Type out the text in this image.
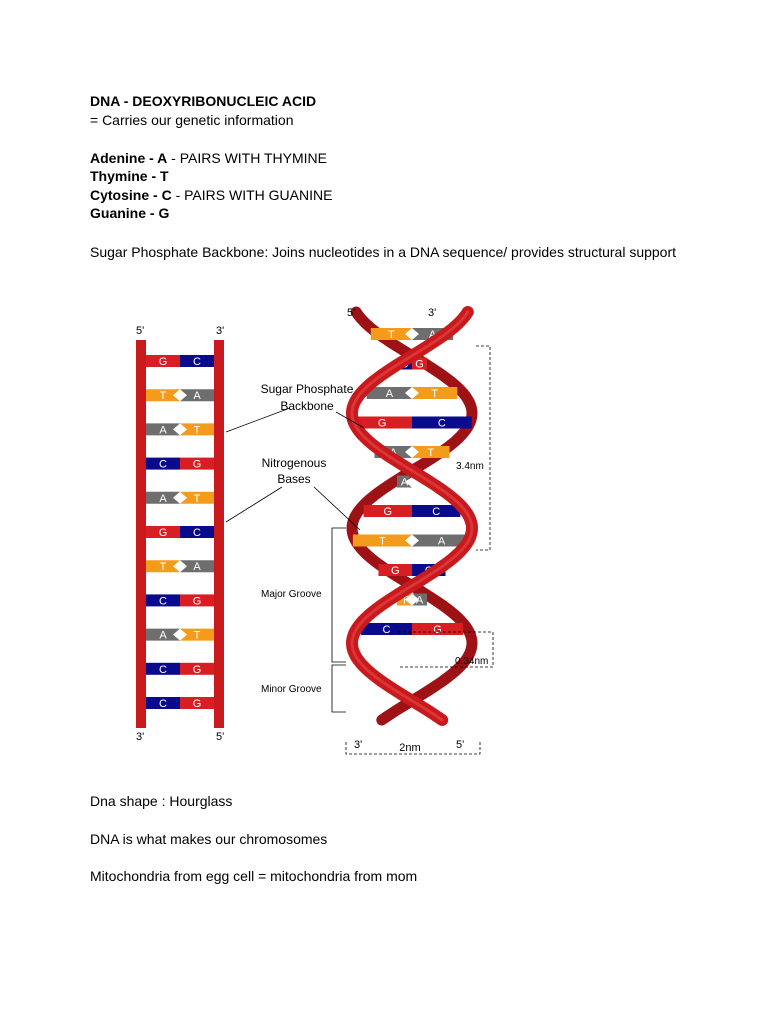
DNA - DEOXYRIBONUCLEIC ACID
= Carries our genetic information
Adenine - A - PAIRS WITH THYMINE
Thymine - T
Cytosine - C - PAIRS WITH GUANINE
Guanine - G
Sugar Phosphate Backbone: Joins nucleotides in a DNA sequence/ provides structural support
5'	3'
3'	5'
G C
T A
A T
C G
A T
G C
T A
C G
A T
C G
C G
T	A
C G
A	T
G	C
A	T
A
G	C
T	A
G C
T A
C	G
5'	3'
3'	5'
Sugar Phosphate
Backbone
Nitrogenous
Bases
Major Groove
Minor Groove
3.4nm
0.34nm
2nm
Dna shape : Hourglass
DNA is what makes our chromosomes
Mitochondria from egg cell = mitochondria from mom
